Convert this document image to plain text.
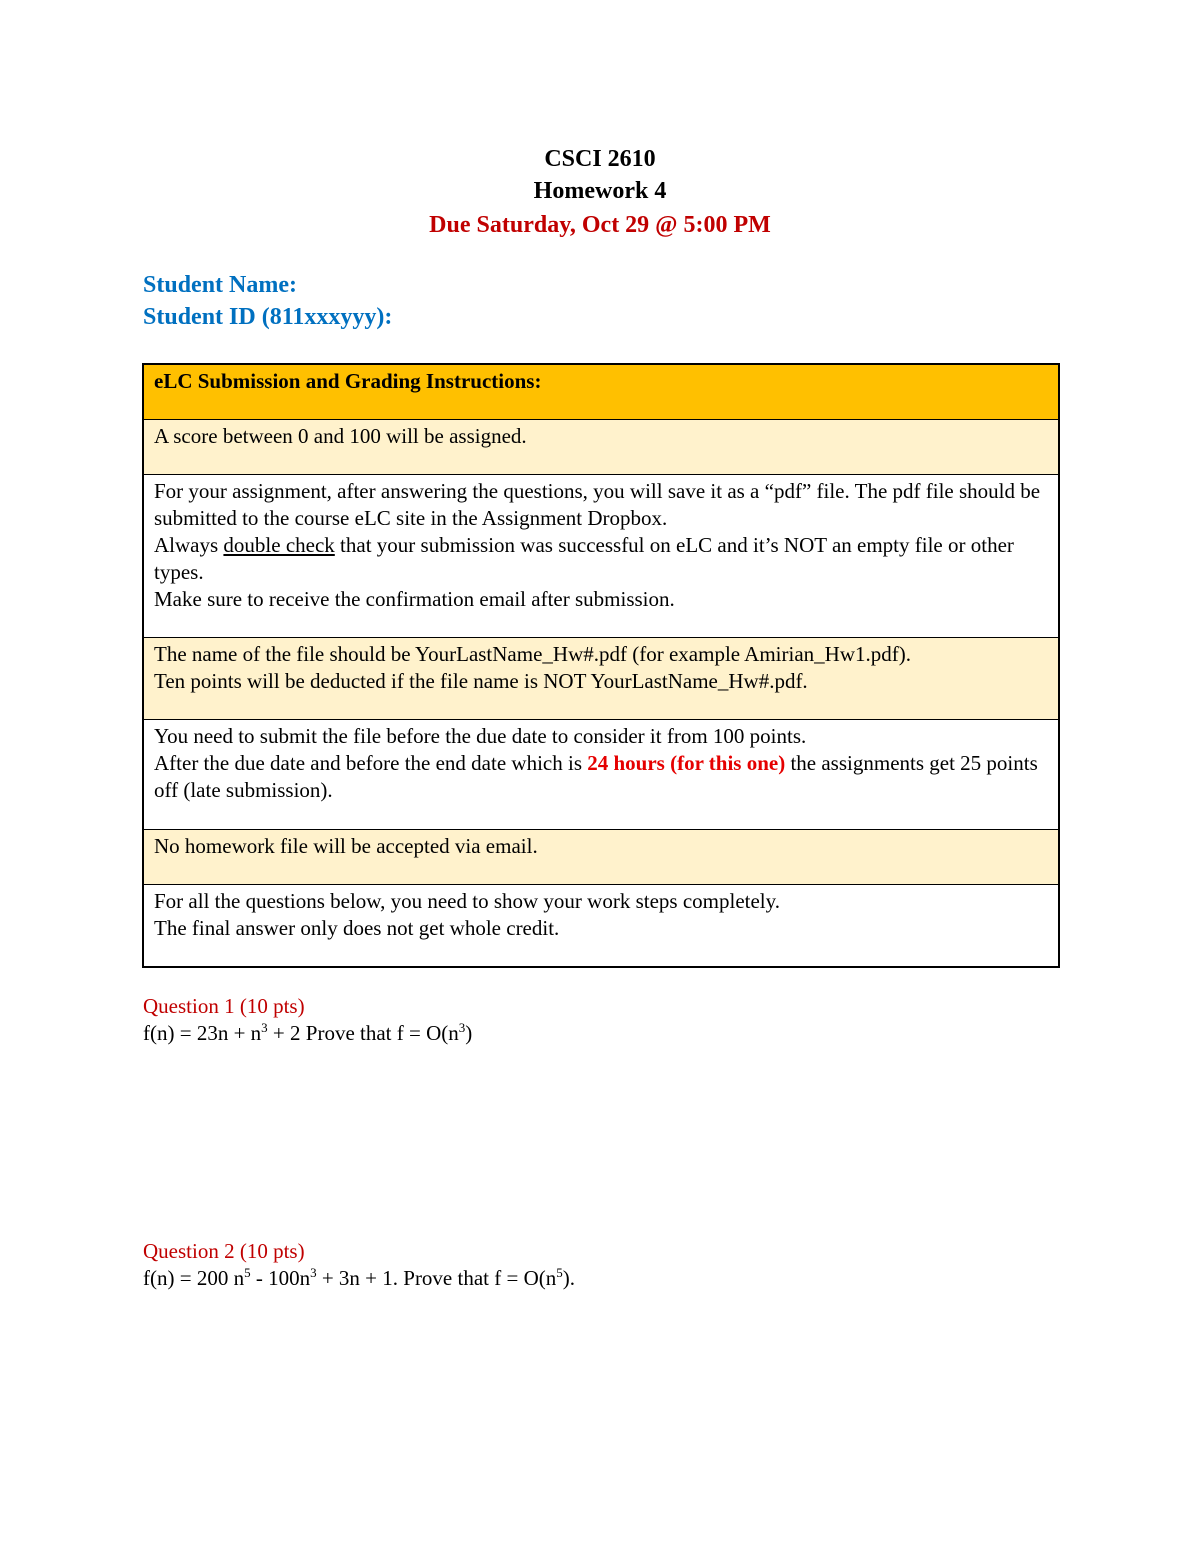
CSCI 2610
Homework 4
Due Saturday, Oct 29 @ 5:00 PM
Student Name:
Student ID (811xxxyyy):
eLC Submission and Grading Instructions:
A score between 0 and 100 will be assigned.

For your assignment, after answering the questions, you will save it as a “pdf” file. The pdf file should be submitted to the course eLC site in the Assignment Dropbox.
Always double check that your submission was successful on eLC and it’s NOT an empty file or other types.
Make sure to receive the confirmation email after submission.

The name of the file should be YourLastName_Hw#.pdf (for example Amirian_Hw1.pdf).
Ten points will be deducted if the file name is NOT YourLastName_Hw#.pdf.

You need to submit the file before the due date to consider it from 100 points.
After the due date and before the end date which is 24 hours (for this one) the assignments get 25 points off (late submission).

No homework file will be accepted via email.

For all the questions below, you need to show your work steps completely.
The final answer only does not get whole credit.
Question 1 (10 pts)
$f(n) = 23n + n^3 + 2$ Prove that $f = O(n^3)$
Question 2 (10 pts)
f(n) = 200 $n^5 - 100n^3 + 3n + 1$. Prove that $f = O(n^5)$.
